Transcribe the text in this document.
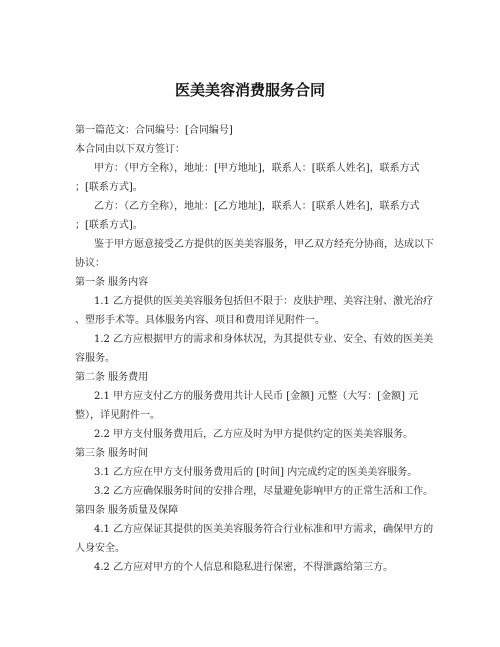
医美美容消费服务合同
第一篇范文：合同编号：[合同编号]
本合同由以下双方签订：
甲方：（甲方全称），地址：[甲方地址]，联系人：[联系人姓名]，联系方式
；[联系方式]。
乙方：（乙方全称），地址：[乙方地址]，联系人：[联系人姓名]，联系方式
；[联系方式]。
鉴于甲方愿意接受乙方提供的医美美容服务，甲乙双方经充分协商，达成以下
协议：
第一条 服务内容
1.1 乙方提供的医美美容服务包括但不限于：皮肤护理、美容注射、激光治疗
、塑形手术等。具体服务内容、项目和费用详见附件一。
1.2 乙方应根据甲方的需求和身体状况，为其提供专业、安全、有效的医美美
容服务。
第二条 服务费用
2.1 甲方应支付乙方的服务费用共计人民币 [金额] 元整（大写：[金额] 元
整），详见附件一。
2.2 甲方支付服务费用后，乙方应及时为甲方提供约定的医美美容服务。
第三条 服务时间
3.1 乙方应在甲方支付服务费用后的 [时间] 内完成约定的医美美容服务。
3.2 乙方应确保服务时间的安排合理，尽量避免影响甲方的正常生活和工作。
第四条 服务质量及保障
4.1 乙方应保证其提供的医美美容服务符合行业标准和甲方需求，确保甲方的
人身安全。
4.2 乙方应对甲方的个人信息和隐私进行保密，不得泄露给第三方。
